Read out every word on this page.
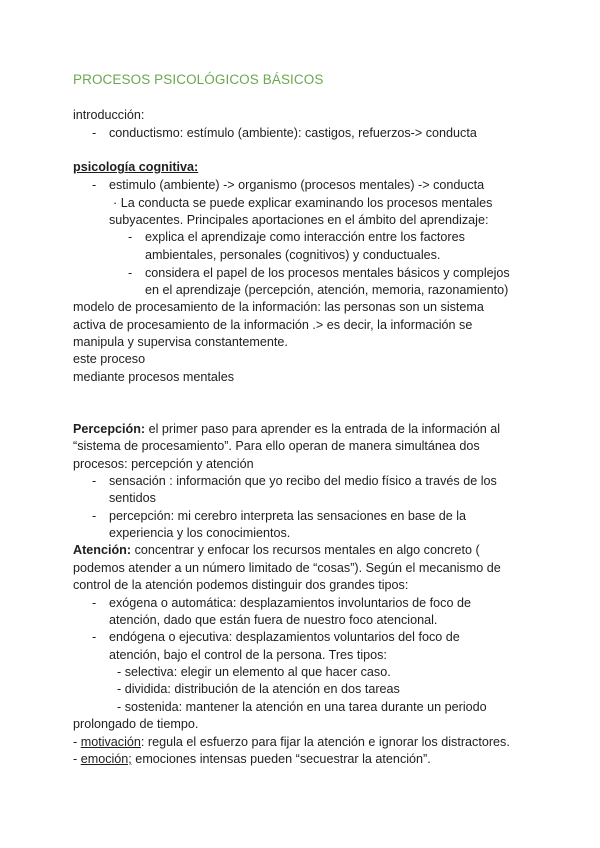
PROCESOS PSICOLÓGICOS BÁSICOS
introducción:
- conductismo: estímulo (ambiente): castigos, refuerzos-> conducta
psicología cognitiva:
- estimulo (ambiente) -> organismo (procesos mentales) -> conducta
· La conducta se puede explicar examinando los procesos mentales
subyacentes. Principales aportaciones en el ámbito del aprendizaje:
- explica el aprendizaje como interacción entre los factores
ambientales, personales (cognitivos) y conductuales.
- considera el papel de los procesos mentales básicos y complejos
en el aprendizaje (percepción, atención, memoria, razonamiento)
modelo de procesamiento de la información: las personas son un sistema
activa de procesamiento de la información .> es decir, la información se
manipula y supervisa constantemente.
este proceso
mediante procesos mentales
Percepción: el primer paso para aprender es la entrada de la información al
“sistema de procesamiento”. Para ello operan de manera simultánea dos
procesos: percepción y atención
- sensación : información que yo recibo del medio físico a través de los
sentidos
- percepción: mi cerebro interpreta las sensaciones en base de la
experiencia y los conocimientos.
Atención: concentrar y enfocar los recursos mentales en algo concreto (
podemos atender a un número limitado de “cosas”). Según el mecanismo de
control de la atención podemos distinguir dos grandes tipos:
- exógena o automática: desplazamientos involuntarios de foco de
atención, dado que están fuera de nuestro foco atencional.
- endógena o ejecutiva: desplazamientos voluntarios del foco de
atención, bajo el control de la persona. Tres tipos:
- selectiva: elegir un elemento al que hacer caso.
- dividida: distribución de la atención en dos tareas
- sostenida: mantener la atención en una tarea durante un periodo
prolongado de tiempo.
- motivación: regula el esfuerzo para fijar la atención e ignorar los distractores.
- emoción; emociones intensas pueden “secuestrar la atención”.
